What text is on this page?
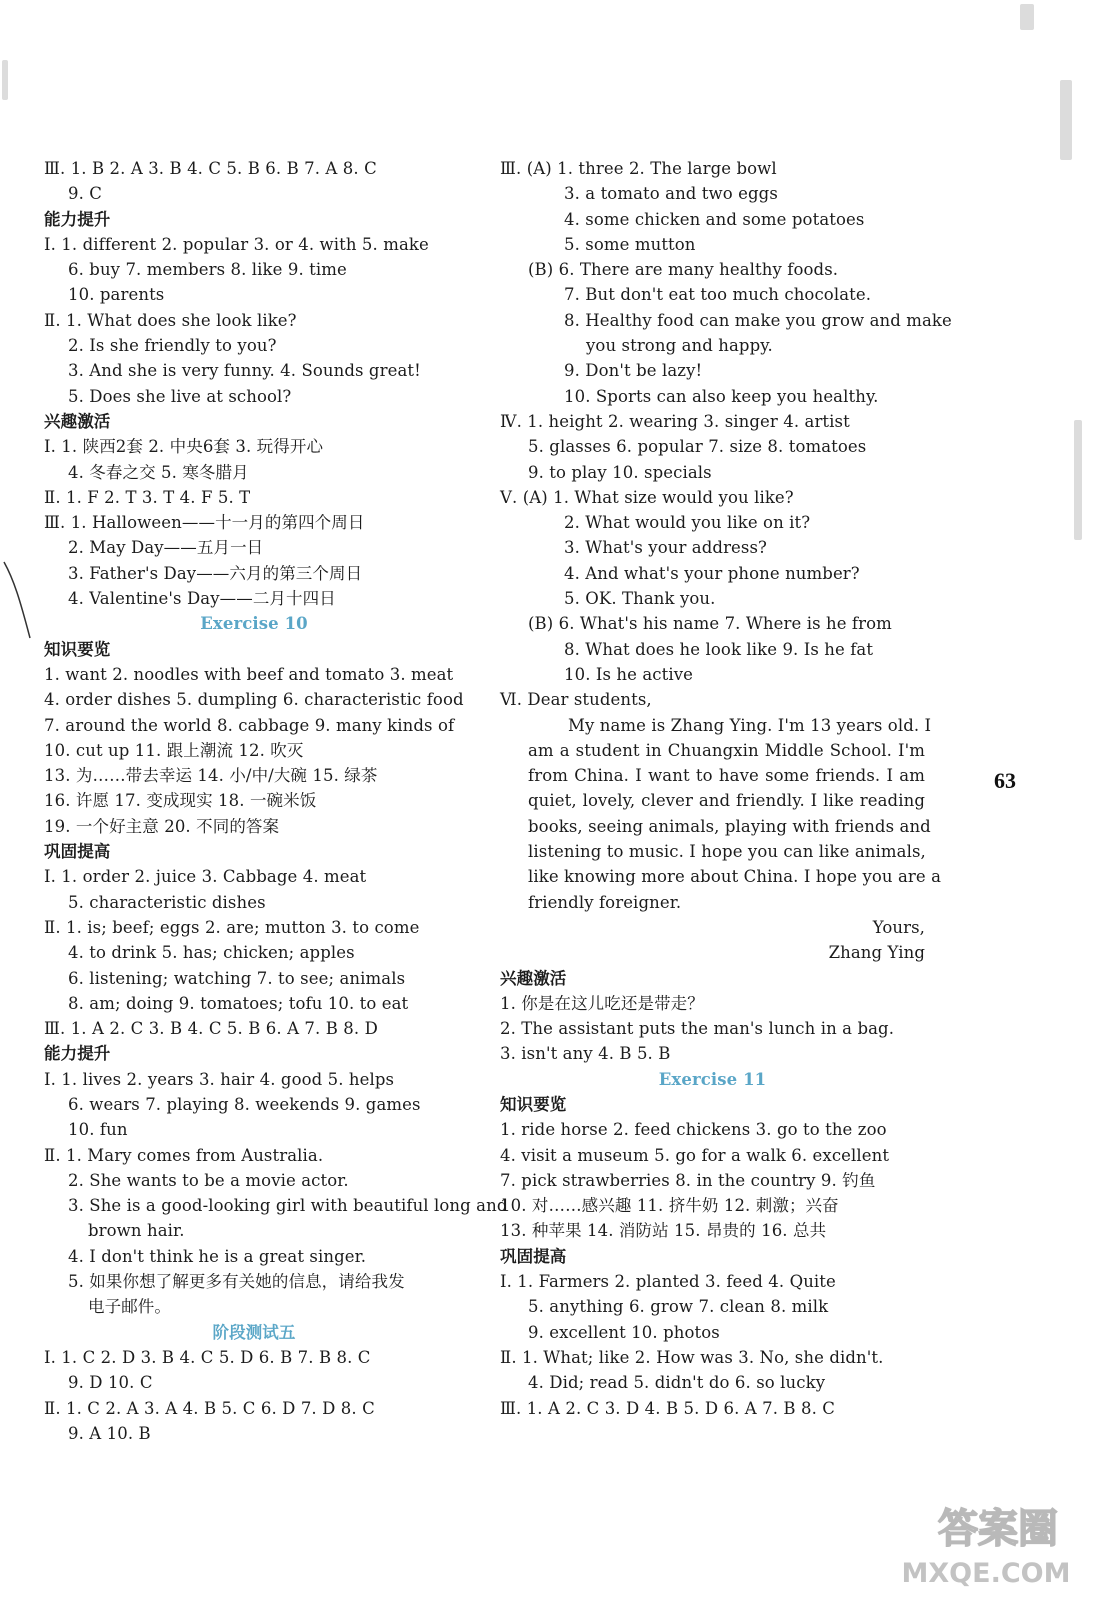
Ⅲ. 1. B 2. A 3. B 4. C 5. B 6. B 7. A 8. C
9. C
能力提升
Ⅰ. 1. different 2. popular 3. or 4. with 5. make
6. buy 7. members 8. like 9. time
10. parents
Ⅱ. 1. What does she look like?
2. Is she friendly to you?
3. And she is very funny. 4. Sounds great!
5. Does she live at school?
兴趣激活
Ⅰ. 1. 陕西2套 2. 中央6套 3. 玩得开心
4. 冬春之交 5. 寒冬腊月
Ⅱ. 1. F 2. T 3. T 4. F 5. T
Ⅲ. 1. Halloween——十一月的第四个周日
2. May Day——五月一日
3. Father's Day——六月的第三个周日
4. Valentine's Day——二月十四日
Exercise 10
知识要览
1. want 2. noodles with beef and tomato 3. meat
4. order dishes 5. dumpling 6. characteristic food
7. around the world 8. cabbage 9. many kinds of
10. cut up 11. 跟上潮流 12. 吹灭
13. 为……带去幸运 14. 小/中/大碗 15. 绿茶
16. 许愿 17. 变成现实 18. 一碗米饭
19. 一个好主意 20. 不同的答案
巩固提高
Ⅰ. 1. order 2. juice 3. Cabbage 4. meat
5. characteristic dishes
Ⅱ. 1. is; beef; eggs 2. are; mutton 3. to come
4. to drink 5. has; chicken; apples
6. listening; watching 7. to see; animals
8. am; doing 9. tomatoes; tofu 10. to eat
Ⅲ. 1. A 2. C 3. B 4. C 5. B 6. A 7. B 8. D
能力提升
Ⅰ. 1. lives 2. years 3. hair 4. good 5. helps
6. wears 7. playing 8. weekends 9. games
10. fun
Ⅱ. 1. Mary comes from Australia.
2. She wants to be a movie actor.
3. She is a good-looking girl with beautiful long and
brown hair.
4. I don't think he is a great singer.
5. 如果你想了解更多有关她的信息，请给我发
电子邮件。
阶段测试五
Ⅰ. 1. C 2. D 3. B 4. C 5. D 6. B 7. B 8. C
9. D 10. C
Ⅱ. 1. C 2. A 3. A 4. B 5. C 6. D 7. D 8. C
9. A 10. B
Ⅲ. (A) 1. three 2. The large bowl
3. a tomato and two eggs
4. some chicken and some potatoes
5. some mutton
(B) 6. There are many healthy foods.
7. But don't eat too much chocolate.
8. Healthy food can make you grow and make
you strong and happy.
9. Don't be lazy!
10. Sports can also keep you healthy.
Ⅳ. 1. height 2. wearing 3. singer 4. artist
5. glasses 6. popular 7. size 8. tomatoes
9. to play 10. specials
Ⅴ. (A) 1. What size would you like?
2. What would you like on it?
3. What's your address?
4. And what's your phone number?
5. OK. Thank you.
(B) 6. What's his name 7. Where is he from
8. What does he look like 9. Is he fat
10. Is he active
Ⅵ. Dear students,
My name is Zhang Ying. I'm 13 years old. I
am a student in Chuangxin Middle School. I'm
from China. I want to have some friends. I am
quiet, lovely, clever and friendly. I like reading
books, seeing animals, playing with friends and
listening to music. I hope you can like animals,
like knowing more about China. I hope you are a
friendly foreigner.
Yours,
Zhang Ying
兴趣激活
1. 你是在这儿吃还是带走？
2. The assistant puts the man's lunch in a bag.
3. isn't any 4. B 5. B
Exercise 11
知识要览
1. ride horse 2. feed chickens 3. go to the zoo
4. visit a museum 5. go for a walk 6. excellent
7. pick strawberries 8. in the country 9. 钓鱼
10. 对……感兴趣 11. 挤牛奶 12. 刺激；兴奋
13. 种苹果 14. 消防站 15. 昂贵的 16. 总共
巩固提高
Ⅰ. 1. Farmers 2. planted 3. feed 4. Quite
5. anything 6. grow 7. clean 8. milk
9. excellent 10. photos
Ⅱ. 1. What; like 2. How was 3. No, she didn't.
4. Did; read 5. didn't do 6. so lucky
Ⅲ. 1. A 2. C 3. D 4. B 5. D 6. A 7. B 8. C
63
答案圈
MXQE.COM
